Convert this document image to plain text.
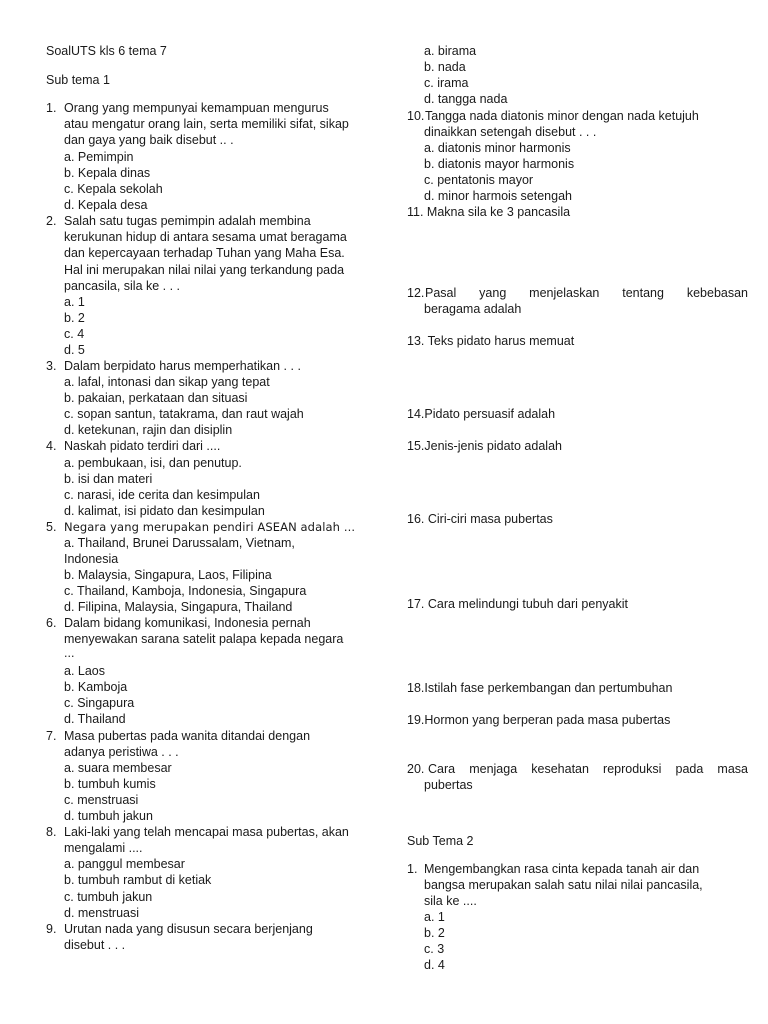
SoalUTS kls 6 tema 7
Sub tema 1
1. Orang yang mempunyai kemampuan mengurus
atau mengatur orang lain, serta memiliki sifat, sikap
dan gaya yang baik disebut .. .
a. Pemimpin
b. Kepala dinas
c. Kepala sekolah
d. Kepala desa
2. Salah satu tugas pemimpin adalah membina
kerukunan hidup di antara sesama umat beragama
dan kepercayaan terhadap Tuhan yang Maha Esa.
Hal ini merupakan nilai nilai yang terkandung pada
pancasila, sila ke . . .
a. 1
b. 2
c. 4
d. 5
3. Dalam berpidato harus memperhatikan . . .
a. lafal, intonasi dan sikap yang tepat
b. pakaian, perkataan dan situasi
c. sopan santun, tatakrama, dan raut wajah
d. ketekunan, rajin dan disiplin
4. Naskah pidato terdiri dari ....
a. pembukaan, isi, dan penutup.
b. isi dan materi
c. narasi, ide cerita dan kesimpulan
d. kalimat, isi pidato dan kesimpulan
5. Negara yang merupakan pendiri ASEAN adalah ...
a. Thailand, Brunei Darussalam, Vietnam,
Indonesia
b. Malaysia, Singapura, Laos, Filipina
c. Thailand, Kamboja, Indonesia, Singapura
d. Filipina, Malaysia, Singapura, Thailand
6. Dalam bidang komunikasi, Indonesia pernah
menyewakan sarana satelit palapa kepada negara
...
a. Laos
b. Kamboja
c. Singapura
d. Thailand
7. Masa pubertas pada wanita ditandai dengan
adanya peristiwa . . .
a. suara membesar
b. tumbuh kumis
c. menstruasi
d. tumbuh jakun
8. Laki-laki yang telah mencapai masa pubertas, akan
mengalami ....
a. panggul membesar
b. tumbuh rambut di ketiak
c. tumbuh jakun
d. menstruasi
9. Urutan nada yang disusun secara berjenjang
disebut . . .
a. birama
b. nada
c. irama
d. tangga nada
10. Tangga nada diatonis minor dengan nada ketujuh
dinaikkan setengah disebut . . .
a. diatonis minor harmonis
b. diatonis mayor harmonis
c. pentatonis mayor
d. minor harmois setengah
11. Makna sila ke 3 pancasila
12. Pasal yang menjelaskan tentang kebebasan
beragama adalah
13. Teks pidato harus memuat
14.Pidato persuasif adalah
15.Jenis-jenis pidato adalah
16. Ciri-ciri masa pubertas
17. Cara melindungi tubuh dari penyakit
18.Istilah fase perkembangan dan pertumbuhan
19.Hormon yang berperan pada masa pubertas
20. Cara menjaga kesehatan reproduksi pada masa
pubertas
Sub Tema 2
1. Mengembangkan rasa cinta kepada tanah air dan
bangsa merupakan salah satu nilai nilai pancasila,
sila ke ....
a. 1
b. 2
c. 3
d. 4
